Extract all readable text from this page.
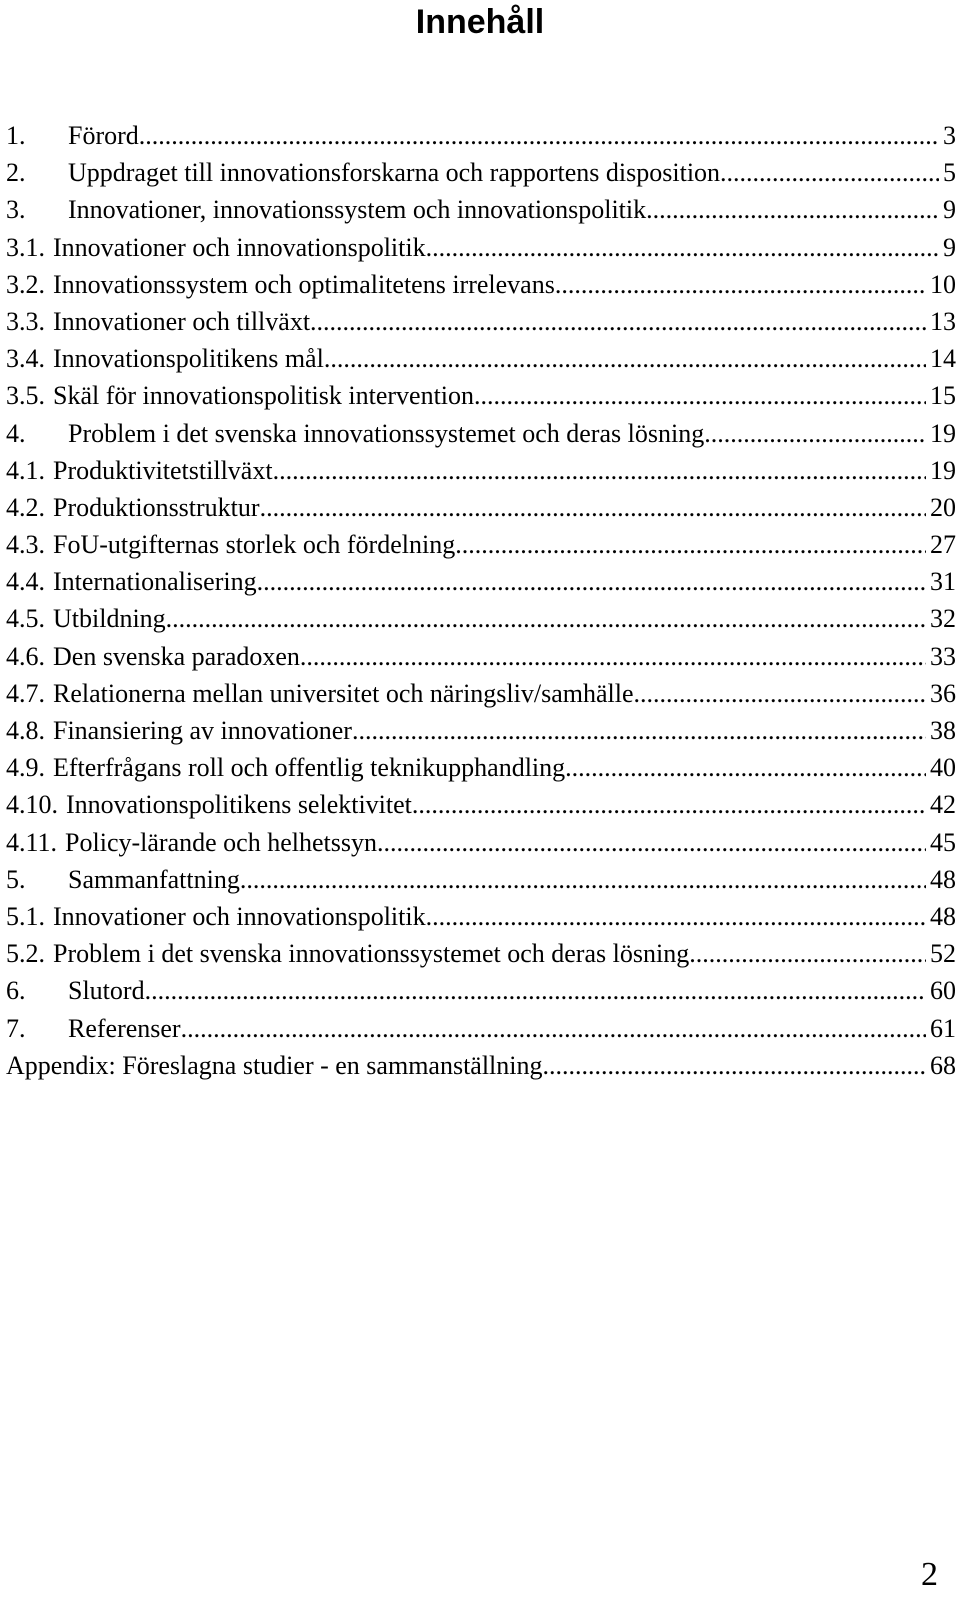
Innehåll
1.	Förord .....	3
2.	Uppdraget till innovationsforskarna och rapportens disposition .....	5
3.	Innovationer, innovationssystem och innovationspolitik .....	9
3.1. Innovationer och innovationspolitik .....	9
3.2. Innovationssystem och optimalitetens irrelevans .....	10
3.3. Innovationer och tillväxt .....	13
3.4. Innovationspolitikens mål .....	14
3.5. Skäl för innovationspolitisk intervention .....	15
4.	Problem i det svenska innovationssystemet och deras lösning .....	19
4.1. Produktivitetstillväxt .....	19
4.2. Produktionsstruktur .....	20
4.3. FoU-utgifternas storlek och fördelning .....	27
4.4. Internationalisering .....	31
4.5. Utbildning .....	32
4.6. Den svenska paradoxen .....	33
4.7. Relationerna mellan universitet och näringsliv/samhälle .....	36
4.8. Finansiering av innovationer .....	38
4.9. Efterfrågans roll och offentlig teknikupphandling .....	40
4.10. Innovationspolitikens selektivitet .....	42
4.11. Policy-lärande och helhetssyn .....	45
5.	Sammanfattning .....	48
5.1. Innovationer och innovationspolitik .....	48
5.2. Problem i det svenska innovationssystemet och deras lösning .....	52
6.	Slutord .....	60
7.	Referenser .....	61
Appendix: Föreslagna studier - en sammanställning .....	68
2
